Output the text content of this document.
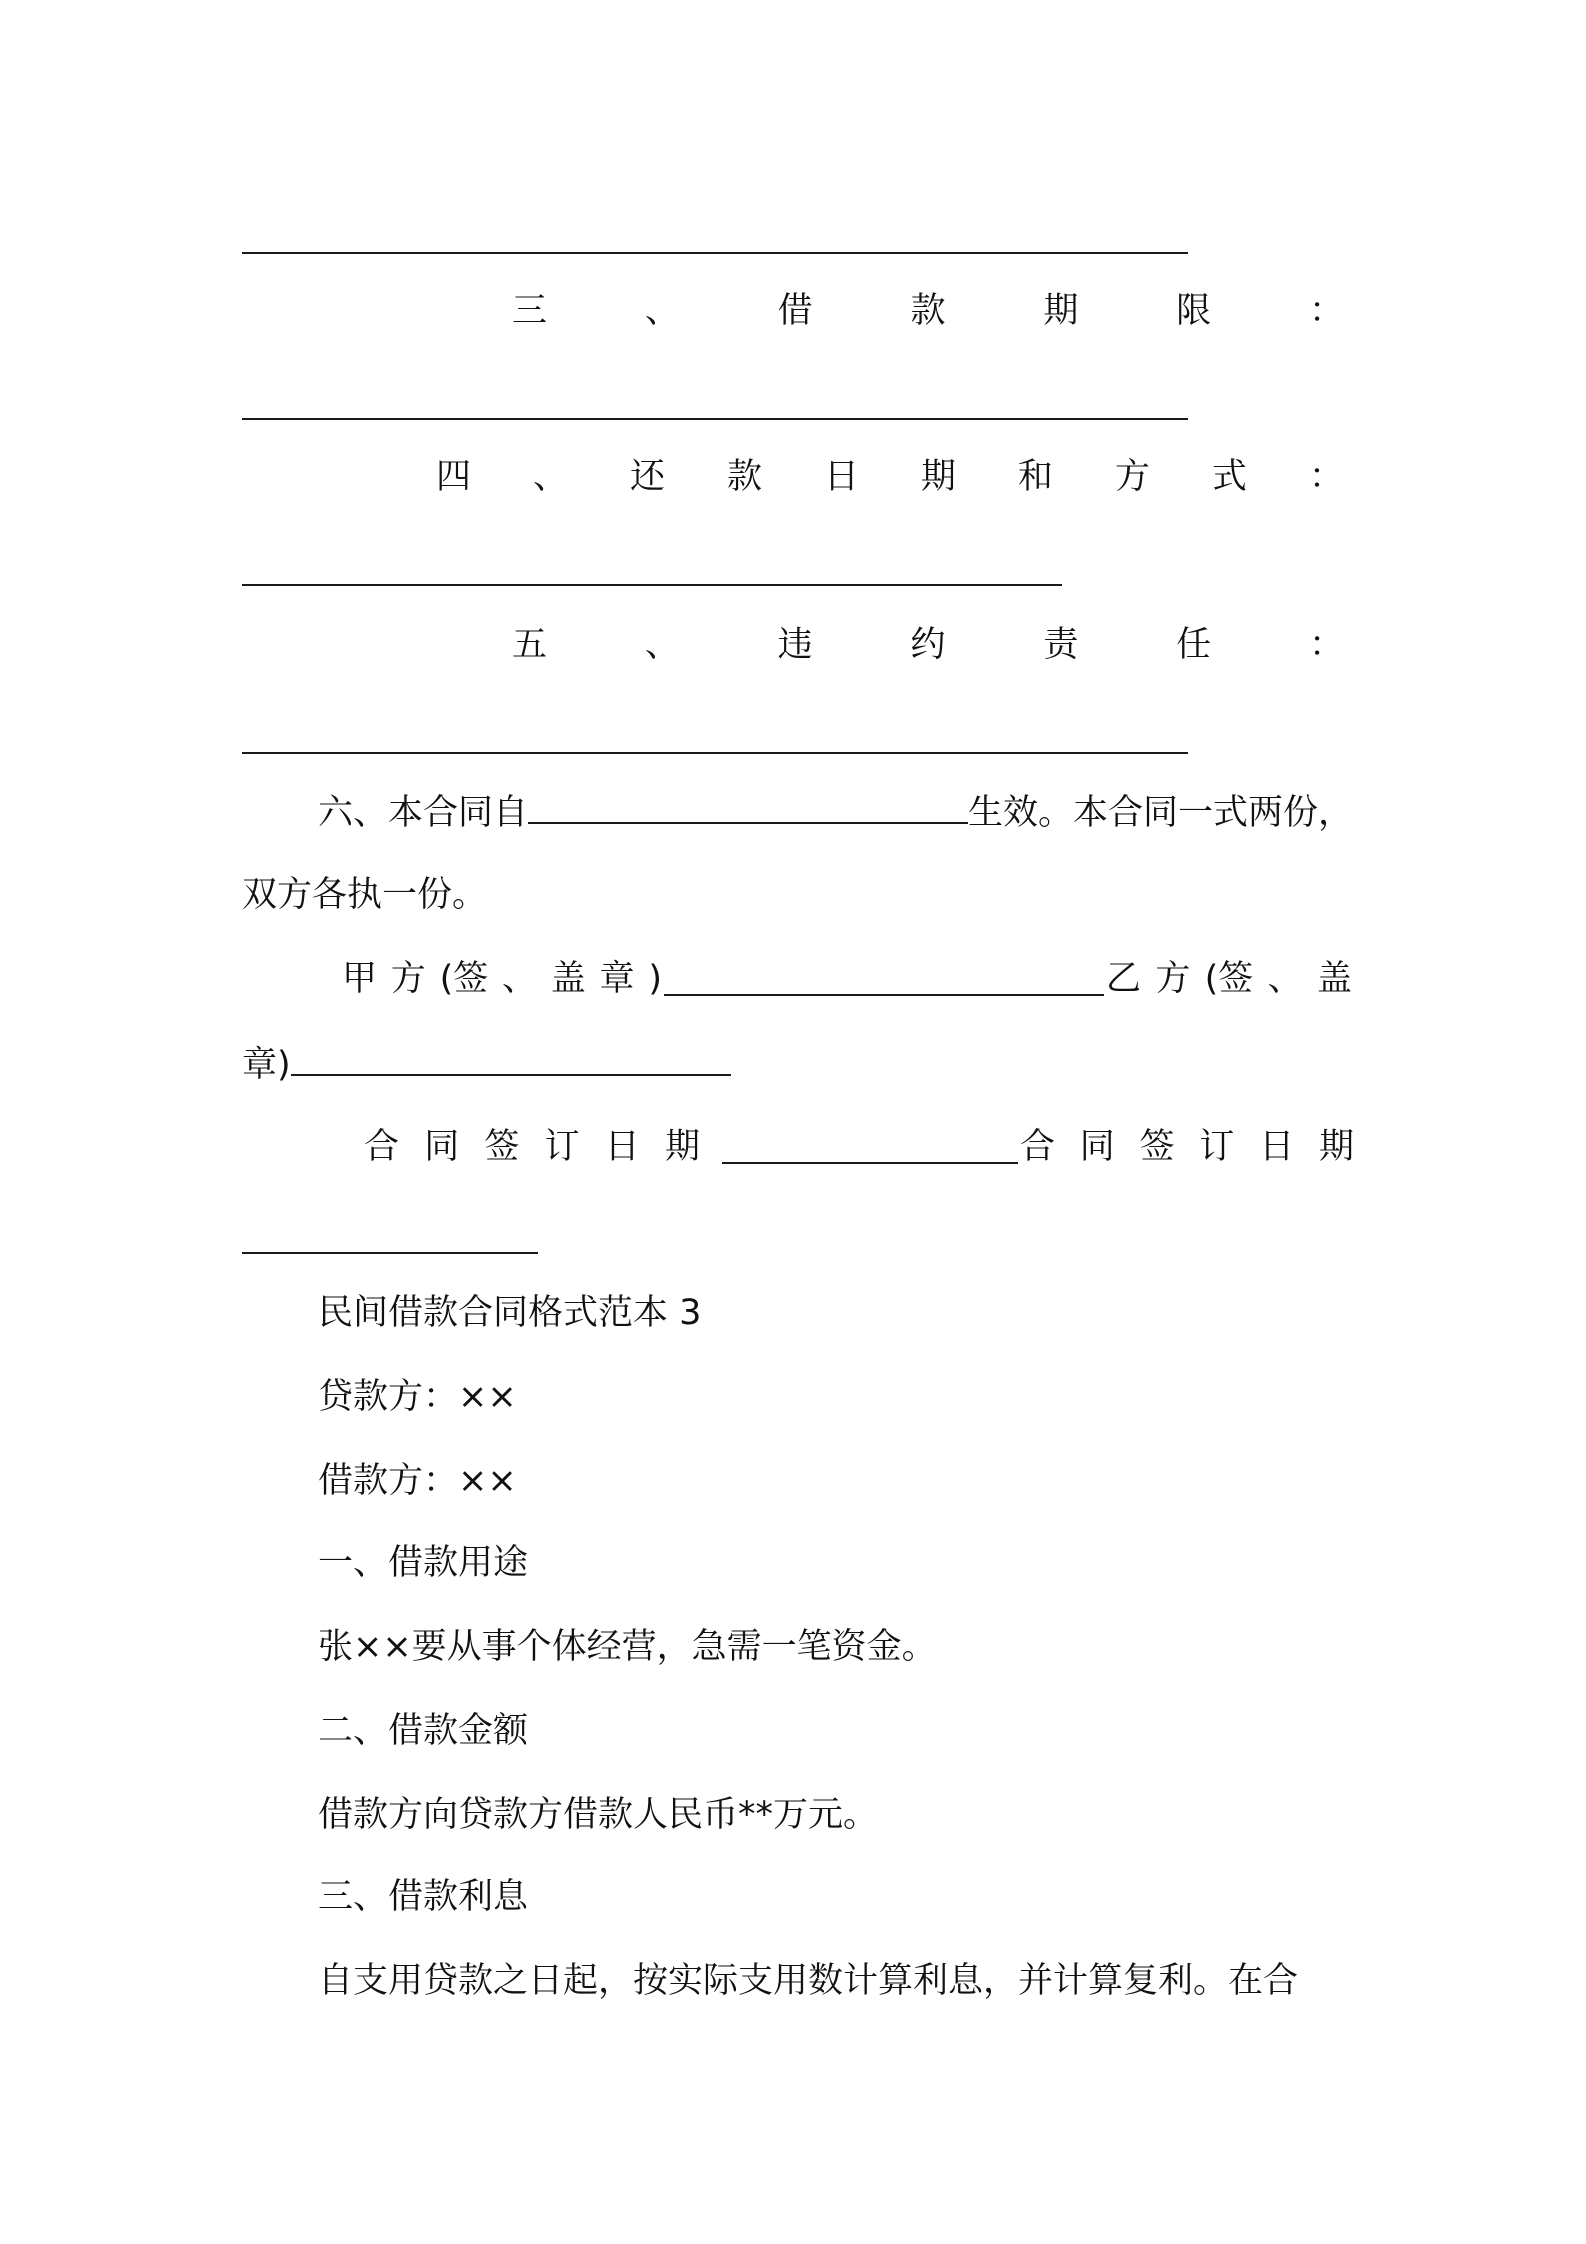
三	、	借	款	期	限	：
四 、 还 款 日 期 和 方 式 ：
五	、	违	约	责	任	：
六、本合同自	生效。本合同一式两份，
双方各执一份。
甲 方 (签 、 盖 章 )	乙 方 (签 、 盖
章)
合 同 签 订 日 期	合 同 签 订 日 期
民间借款合同格式范本 3
贷款方：××
借款方：××
一、借款用途
张××要从事个体经营，急需一笔资金。
二、借款金额
借款方向贷款方借款人民币**万元。
三、借款利息
自支用贷款之日起，按实际支用数计算利息，并计算复利。在合
